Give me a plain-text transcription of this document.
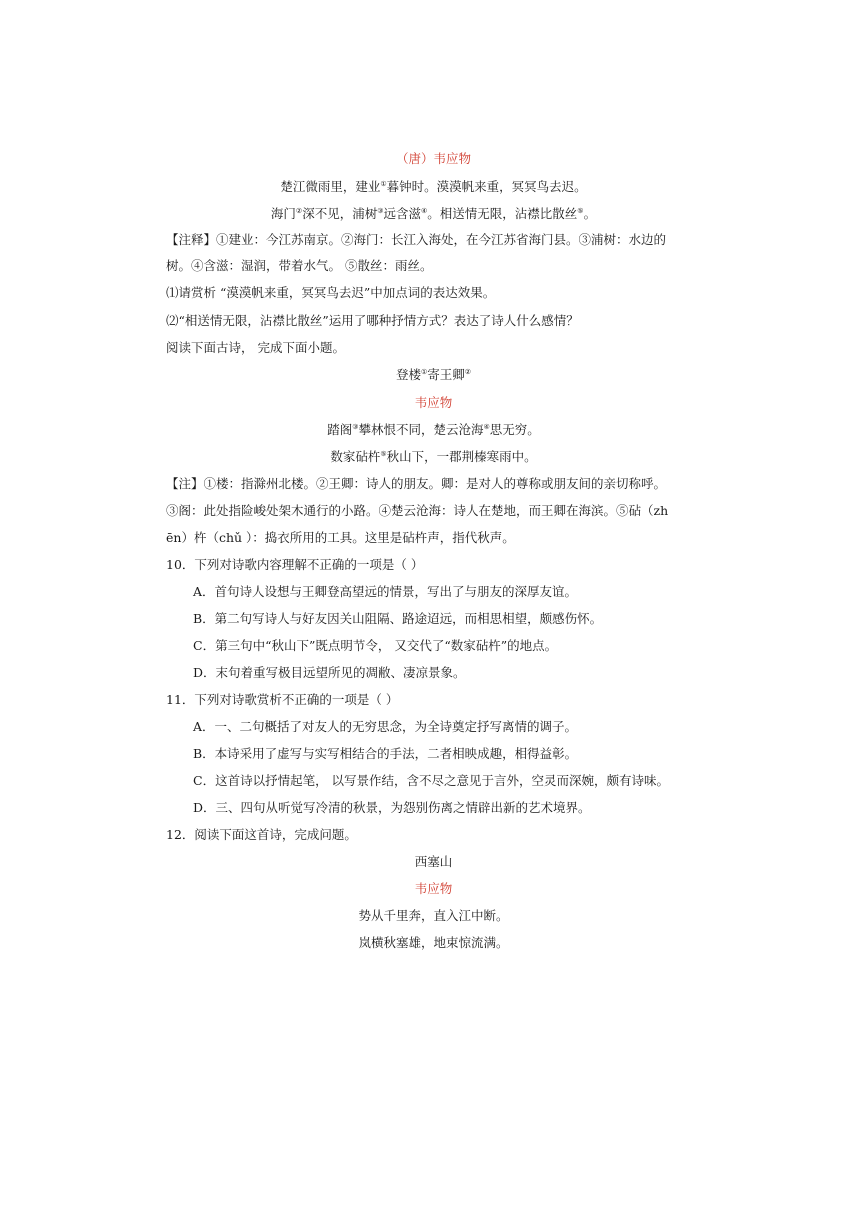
（唐）韦应物
楚江微雨里，建业①暮钟时。漠漠帆来重，冥冥鸟去迟。
海门②深不见，浦树③远含滋④。相送情无限，沾襟比散丝⑤。
【注释】①建业：今江苏南京。②海门：长江入海处，在今江苏省海门县。③浦树：水边的
树。④含滋：湿润，带着水气。 ⑤散丝：雨丝。
⑴请赏析 “漠漠帆来重，冥冥鸟去迟”中加点词的表达效果。
⑵“相送情无限，沾襟比散丝”运用了哪种抒情方式？表达了诗人什么感情？
阅读下面古诗， 完成下面小题。
登楼①寄王卿②
韦应物
踏阁③攀林恨不同，楚云沧海④思无穷。
数家砧杵⑤秋山下，一郡荆榛寒雨中。
【注】①楼：指滁州北楼。②王卿：诗人的朋友。卿：是对人的尊称或朋友间的亲切称呼。
③阁：此处指险峻处架木通行的小路。④楚云沧海：诗人在楚地，而王卿在海滨。⑤砧（zh
ēn）杵（chǔ ）：捣衣所用的工具。这里是砧杵声，指代秋声。
10．下列对诗歌内容理解不正确的一项是（ ）
A．首句诗人设想与王卿登高望远的情景，写出了与朋友的深厚友谊。
B．第二句写诗人与好友因关山阻隔、路途迢远，而相思相望，颇感伤怀。
C．第三句中“秋山下”既点明节令， 又交代了“数家砧杵”的地点。
D．末句着重写极目远望所见的凋敝、凄凉景象。
11．下列对诗歌赏析不正确的一项是（ ）
A．一、二句概括了对友人的无穷思念，为全诗奠定抒写离情的调子。
B．本诗采用了虚写与实写相结合的手法，二者相映成趣，相得益彰。
C．这首诗以抒情起笔， 以写景作结，含不尽之意见于言外，空灵而深婉，颇有诗味。
D．三、四句从听觉写冷清的秋景，为怨别伤离之情辟出新的艺术境界。
12．阅读下面这首诗，完成问题。
西塞山
韦应物
势从千里奔，直入江中断。
岚横秋塞雄，地束惊流满。
